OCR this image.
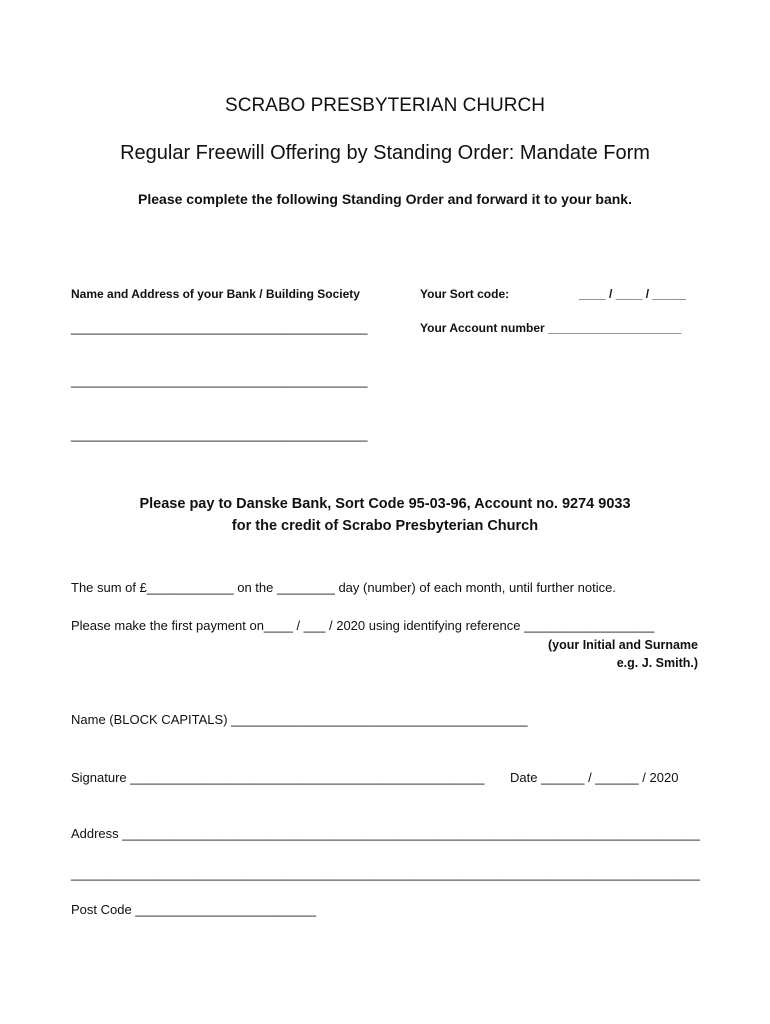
SCRABO PRESBYTERIAN CHURCH
Regular Freewill Offering by Standing Order: Mandate Form
Please complete the following Standing Order and forward it to your bank.
Name and Address of your Bank / Building Society	Your Sort code:	____ / ____ / _____
_________________________________________	Your Account number ____________________
_________________________________________
_________________________________________
Please pay to Danske Bank, Sort Code 95-03-96, Account no. 9274 9033
for the credit of Scrabo Presbyterian Church
The sum of £____________ on the ________ day (number) of each month, until further notice.
Please make the first payment on____ / ___ / 2020 using identifying reference __________________
(your Initial and Surname
e.g. J. Smith.)
Name (BLOCK CAPITALS) _________________________________________
Signature _________________________________________________ Date ______ / ______ / 2020
Address ________________________________________________________________________________
_____________________________________________________________________________________________
Post Code _________________________
